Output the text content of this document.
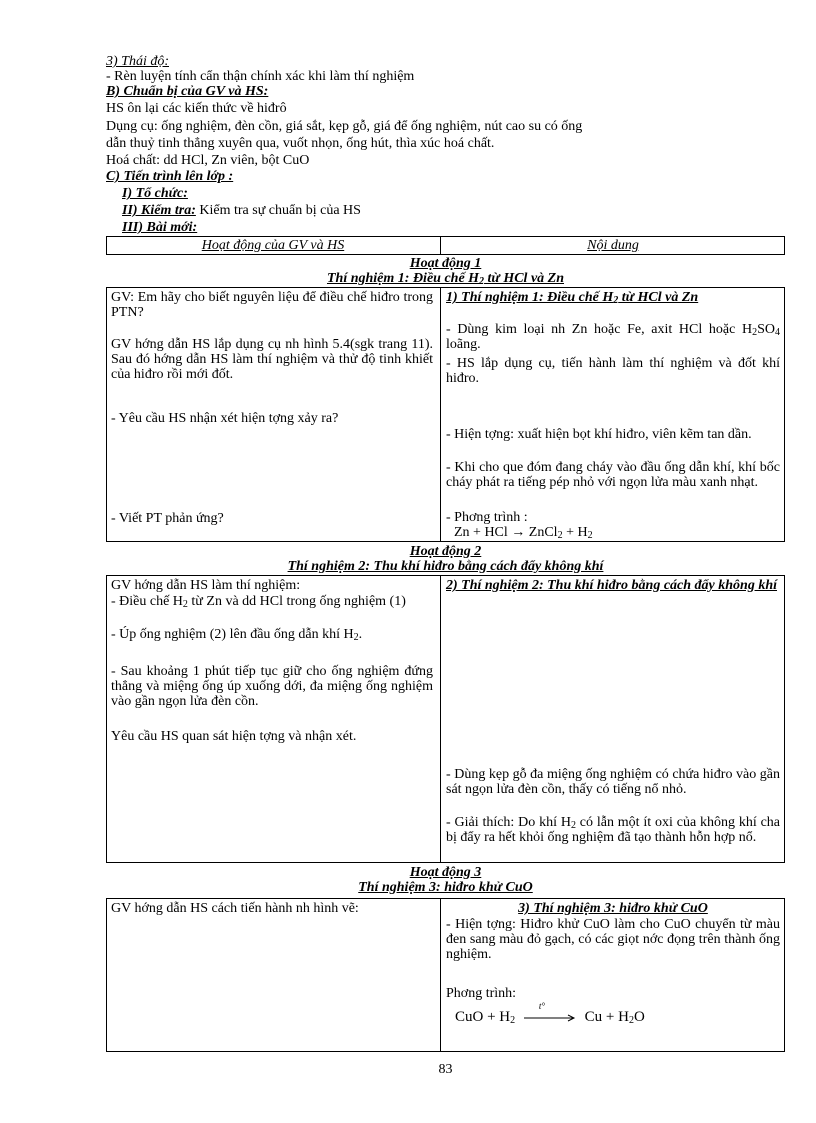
3) Thái độ:
- Rèn luyện tính cẩn thận chính xác khi làm thí nghiệm
B) Chuẩn bị của GV và HS:
HS ôn lại các kiến thức về hiđrô
Dụng cụ: ống nghiệm, đèn cồn, giá sắt, kẹp gỗ, giá để ống nghiệm, nút cao su có ống
dẫn thuỷ tinh thẳng xuyên qua, vuốt nhọn, ống hút, thìa xúc hoá chất.
Hoá chất: dd HCl, Zn viên, bột CuO
C) Tiến trình lên lớp :
I) Tổ chức:
II) Kiểm tra: Kiểm tra sự chuẩn bị của HS
III) Bài mới:
Hoạt động của GV và HS	Nội dung
Hoạt động 1
Thí nghiệm 1: Điều chế $H_2$ từ HCl và Zn
GV: Em hãy cho biết nguyên liệu để điều chế hiđro trong PTN?
GV hớng dẫn HS lắp dụng cụ nh hình 5.4(sgk trang 11). Sau đó hớng dẫn HS làm thí nghiệm và thử độ tinh khiết của hiđro rồi mới đốt.
- Yêu cầu HS nhận xét hiện tợng xảy ra?
- Viết PT phản ứng?
1) Thí nghiệm 1: Điều chế $H_2$ từ HCl và Zn
- Dùng kim loại nh Zn hoặc Fe, axit HCl hoặc $H_2SO_4$ loãng.
- HS lắp dụng cụ, tiến hành làm thí nghiệm và đốt khí hiđro.
- Hiện tợng: xuất hiện bọt khí hiđro, viên kẽm tan dần.
- Khi cho que đóm đang cháy vào đầu ống dẫn khí, khí bốc cháy phát ra tiếng pép nhỏ với ngọn lửa màu xanh nhạt.
- Phơng trình :
Zn + HCl → ZnCl$_2$ + $H_2$
Hoạt động 2
Thí nghiệm 2: Thu khí hiđro bằng cách đẩy không khí
GV hớng dẫn HS làm thí nghiệm:
- Điều chế $H_2$ từ Zn và dd HCl trong ống nghiệm (1)
- Úp ống nghiệm (2) lên đầu ống dẫn khí $H_2$.
- Sau khoảng 1 phút tiếp tục giữ cho ống nghiệm đứng thẳng và miệng ống úp xuống dới, đa miệng ống nghiệm vào gần ngọn lửa đèn cồn.
Yêu cầu HS quan sát hiện tợng và nhận xét.
2) Thí nghiệm 2: Thu khí hiđro bằng cách đẩy không khí
- Dùng kẹp gỗ đa miệng ống nghiệm có chứa hiđro vào gần sát ngọn lửa đèn cồn, thấy có tiếng nổ nhỏ.
- Giải thích: Do khí $H_2$ có lẫn một ít oxi của không khí cha bị đẩy ra hết khỏi ống nghiệm đã tạo thành hỗn hợp nổ.
Hoạt động 3
Thí nghiệm 3: hiđro khử CuO
GV hớng dẫn HS cách tiến hành nh hình vẽ:	3) Thí nghiệm 3: hiđro khử CuO
- Hiện tợng: Hiđro khử CuO làm cho CuO chuyển từ màu đen sang màu đỏ gạch, có các giọt nớc đọng trên thành ống nghiệm.
Phơng trình:
CuO + $H_2$
t°
$Cu + H_2O$
83
